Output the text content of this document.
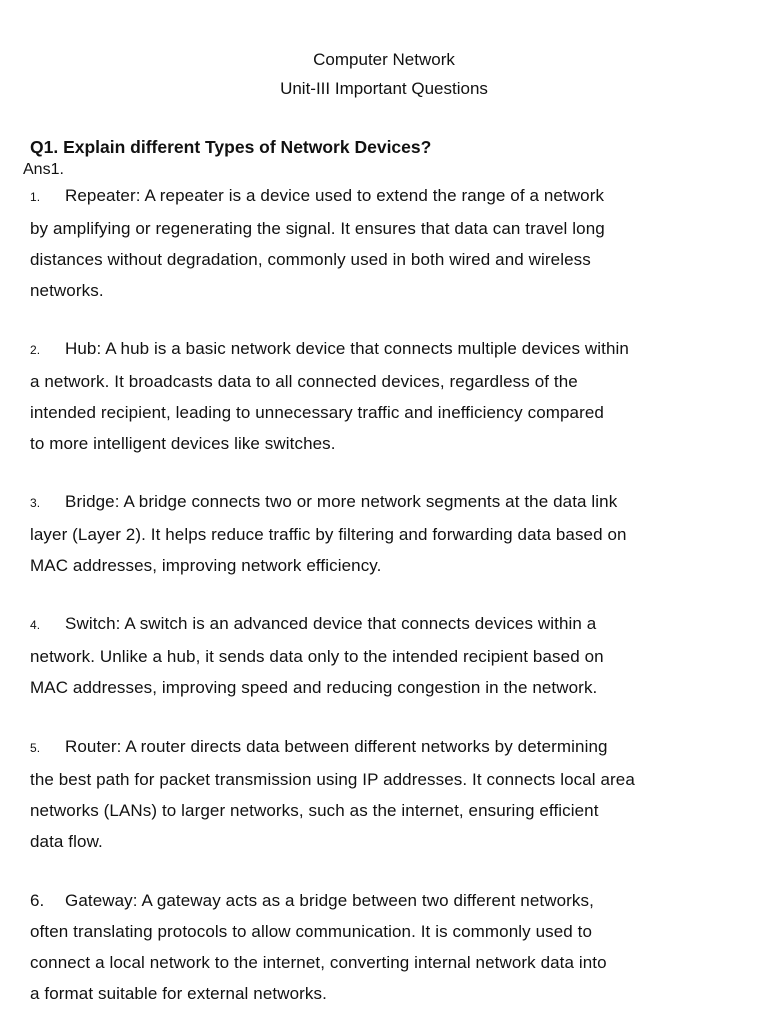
Computer Network
Unit-III Important Questions
Q1. Explain different Types of Network Devices?
Ans1.
1. Repeater: A repeater is a device used to extend the range of a network
by amplifying or regenerating the signal. It ensures that data can travel long
distances without degradation, commonly used in both wired and wireless
networks.
2. Hub: A hub is a basic network device that connects multiple devices within
a network. It broadcasts data to all connected devices, regardless of the
intended recipient, leading to unnecessary traffic and inefficiency compared
to more intelligent devices like switches.
3. Bridge: A bridge connects two or more network segments at the data link
layer (Layer 2). It helps reduce traffic by filtering and forwarding data based on
MAC addresses, improving network efficiency.
4. Switch: A switch is an advanced device that connects devices within a
network. Unlike a hub, it sends data only to the intended recipient based on
MAC addresses, improving speed and reducing congestion in the network.
5. Router: A router directs data between different networks by determining
the best path for packet transmission using IP addresses. It connects local area
networks (LANs) to larger networks, such as the internet, ensuring efficient
data flow.
6. Gateway: A gateway acts as a bridge between two different networks,
often translating protocols to allow communication. It is commonly used to
connect a local network to the internet, converting internal network data into
a format suitable for external networks.
